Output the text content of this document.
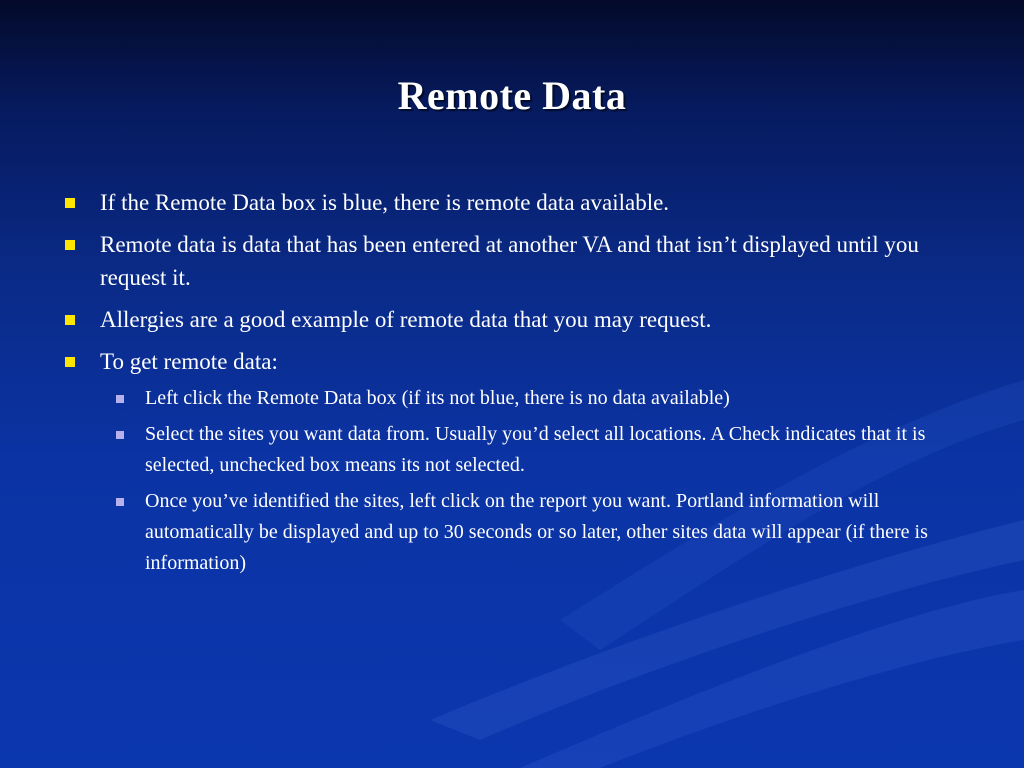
Remote Data
If the Remote Data box is blue, there is remote data available.
Remote data is data that has been entered at another VA and that isn’t displayed until you request it.
Allergies are a good example of remote data that you may request.
To get remote data:
Left click the Remote Data box (if its not blue, there is no data available)
Select the sites you want data from. Usually you’d select all locations. A Check indicates that it is selected, unchecked box means its not selected.
Once you’ve identified the sites, left click on the report you want. Portland information will automatically be displayed and up to 30 seconds or so later, other sites data will appear (if there is information)
